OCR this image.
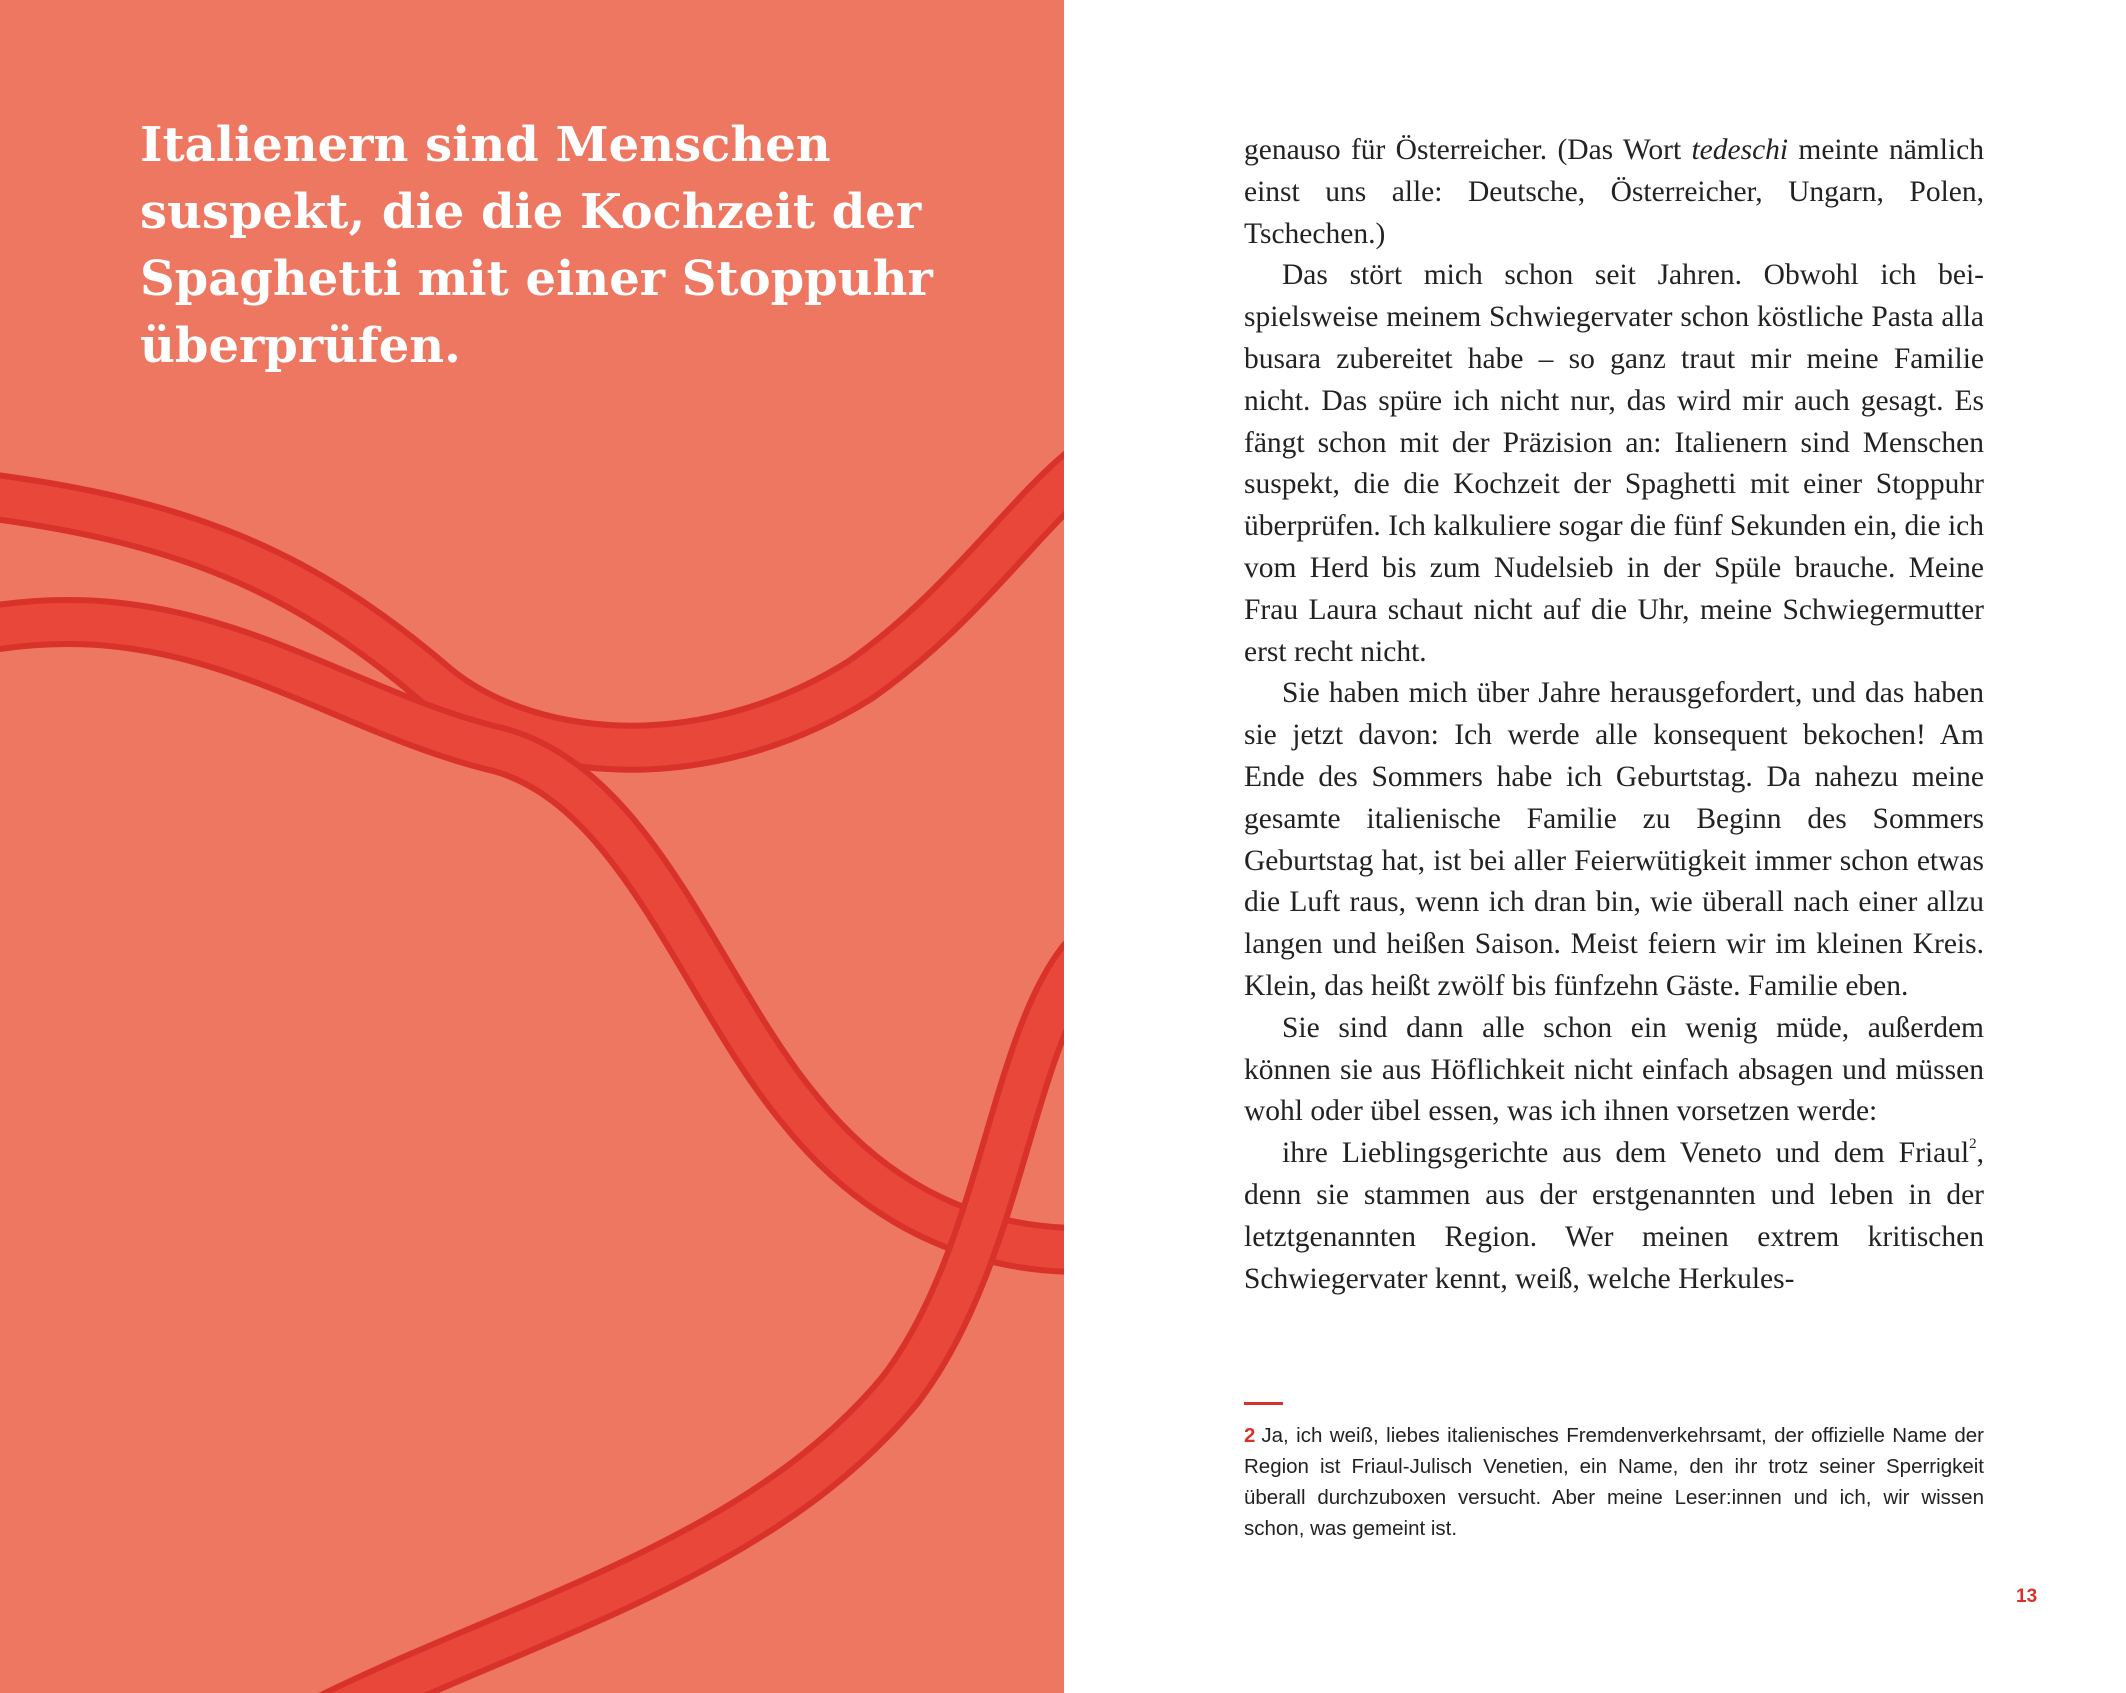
Italienern sind Menschen suspekt, die die Kochzeit der Spaghetti mit einer Stoppuhr überprüfen.

genauso für Österreicher. (Das Wort tedeschi meinte nämlich einst uns alle: Deutsche, Österreicher, Ungarn, Polen, Tschechen.)

Das stört mich schon seit Jahren. Obwohl ich beispielsweise meinem Schwiegervater schon köstliche Pasta alla busara zubereitet habe – so ganz traut mir meine Familie nicht. Das spüre ich nicht nur, das wird mir auch gesagt. Es fängt schon mit der Präzision an: Italienern sind Menschen suspekt, die die Kochzeit der Spaghetti mit einer Stoppuhr überprüfen. Ich kalkuliere sogar die fünf Sekunden ein, die ich vom Herd bis zum Nudelsieb in der Spüle brauche. Meine Frau Laura schaut nicht auf die Uhr, meine Schwiegermutter erst recht nicht.

Sie haben mich über Jahre herausgefordert, und das haben sie jetzt davon: Ich werde alle konsequent bekochen! Am Ende des Sommers habe ich Geburtstag. Da nahezu meine gesamte italienische Familie zu Beginn des Sommers Geburtstag hat, ist bei aller Feierwütigkeit immer schon etwas die Luft raus, wenn ich dran bin, wie überall nach einer allzu langen und heißen Saison. Meist feiern wir im kleinen Kreis. Klein, das heißt zwölf bis fünfzehn Gäste. Familie eben.

Sie sind dann alle schon ein wenig müde, außerdem können sie aus Höflichkeit nicht einfach absagen und müssen wohl oder übel essen, was ich ihnen vorsetzen werde:

ihre Lieblingsgerichte aus dem Veneto und dem Friaul$^2$, denn sie stammen aus der erstgenannten und leben in der letztgenannten Region. Wer meinen extrem kritischen Schwiegervater kennt, weiß, welche Herkules-

2 Ja, ich weiß, liebes italienisches Fremdenverkehrsamt, der offizielle Name der Region ist Friaul-Julisch Venetien, ein Name, den ihr trotz seiner Sperrigkeit überall durchzuboxen versucht. Aber meine Leser:innen und ich, wir wissen schon, was gemeint ist.
13
